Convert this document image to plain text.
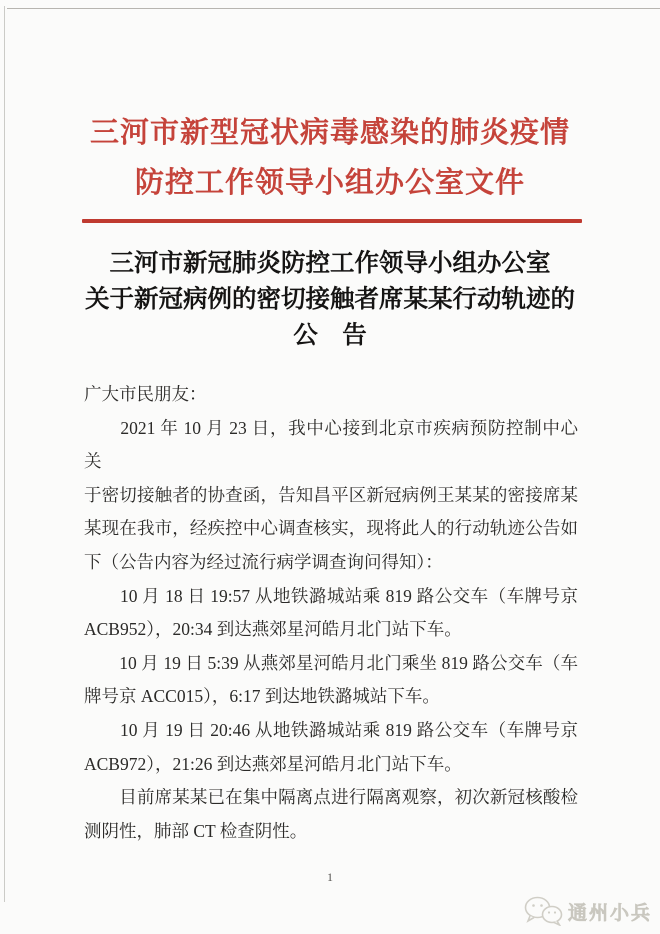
三河市新型冠状病毒感染的肺炎疫情
防控工作领导小组办公室文件
三河市新冠肺炎防控工作领导小组办公室
关于新冠病例的密切接触者席某某行动轨迹的
公　告
广大市民朋友：
　　2021 年 10 月 23 日，我中心接到北京市疾病预防控制中心关
于密切接触者的协查函，告知昌平区新冠病例王某某的密接席某
某现在我市，经疾控中心调查核实，现将此人的行动轨迹公告如
下（公告内容为经过流行病学调查询问得知）：
　　10 月 18 日 19:57 从地铁潞城站乘 819 路公交车（车牌号京
ACB952），20:34 到达燕郊星河皓月北门站下车。
　　10 月 19 日 5:39 从燕郊星河皓月北门乘坐 819 路公交车（车
牌号京 ACC015），6:17 到达地铁潞城站下车。
　　10 月 19 日 20:46 从地铁潞城站乘 819 路公交车（车牌号京
ACB972），21:26 到达燕郊星河皓月北门站下车。
　　目前席某某已在集中隔离点进行隔离观察，初次新冠核酸检
测阴性，肺部 CT 检查阴性。
1
通州小兵
